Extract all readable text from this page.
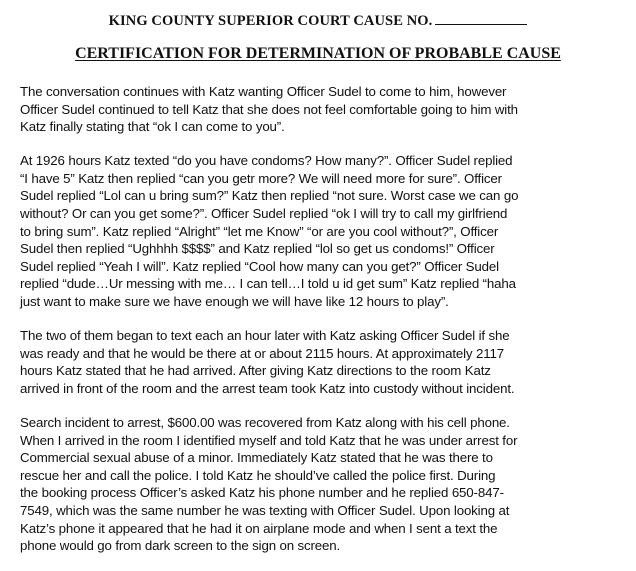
KING COUNTY SUPERIOR COURT CAUSE NO.
CERTIFICATION FOR DETERMINATION OF PROBABLE CAUSE

The conversation continues with Katz wanting Officer Sudel to come to him, however
Officer Sudel continued to tell Katz that she does not feel comfortable going to him with
Katz finally stating that “ok I can come to you”.

At 1926 hours Katz texted “do you have condoms? How many?”. Officer Sudel replied
“I have 5” Katz then replied “can you getr more? We will need more for sure”. Officer
Sudel replied “Lol can u bring sum?” Katz then replied “not sure. Worst case we can go
without? Or can you get some?”. Officer Sudel replied “ok I will try to call my girlfriend
to bring sum”. Katz replied “Alright” “let me Know” “or are you cool without?”, Officer
Sudel then replied “Ughhhh $$$$” and Katz replied “lol so get us condoms!” Officer
Sudel replied “Yeah I will”. Katz replied “Cool how many can you get?” Officer Sudel
replied “dude…Ur messing with me… I can tell…I told u id get sum” Katz replied “haha
just want to make sure we have enough we will have like 12 hours to play”.

The two of them began to text each an hour later with Katz asking Officer Sudel if she
was ready and that he would be there at or about 2115 hours. At approximately 2117
hours Katz stated that he had arrived. After giving Katz directions to the room Katz
arrived in front of the room and the arrest team took Katz into custody without incident.

Search incident to arrest, $600.00 was recovered from Katz along with his cell phone.
When I arrived in the room I identified myself and told Katz that he was under arrest for
Commercial sexual abuse of a minor. Immediately Katz stated that he was there to
rescue her and call the police. I told Katz he should’ve called the police first. During
the booking process Officer’s asked Katz his phone number and he replied 650-847-
7549, which was the same number he was texting with Officer Sudel. Upon looking at
Katz’s phone it appeared that he had it on airplane mode and when I sent a text the
phone would go from dark screen to the sign on screen.
